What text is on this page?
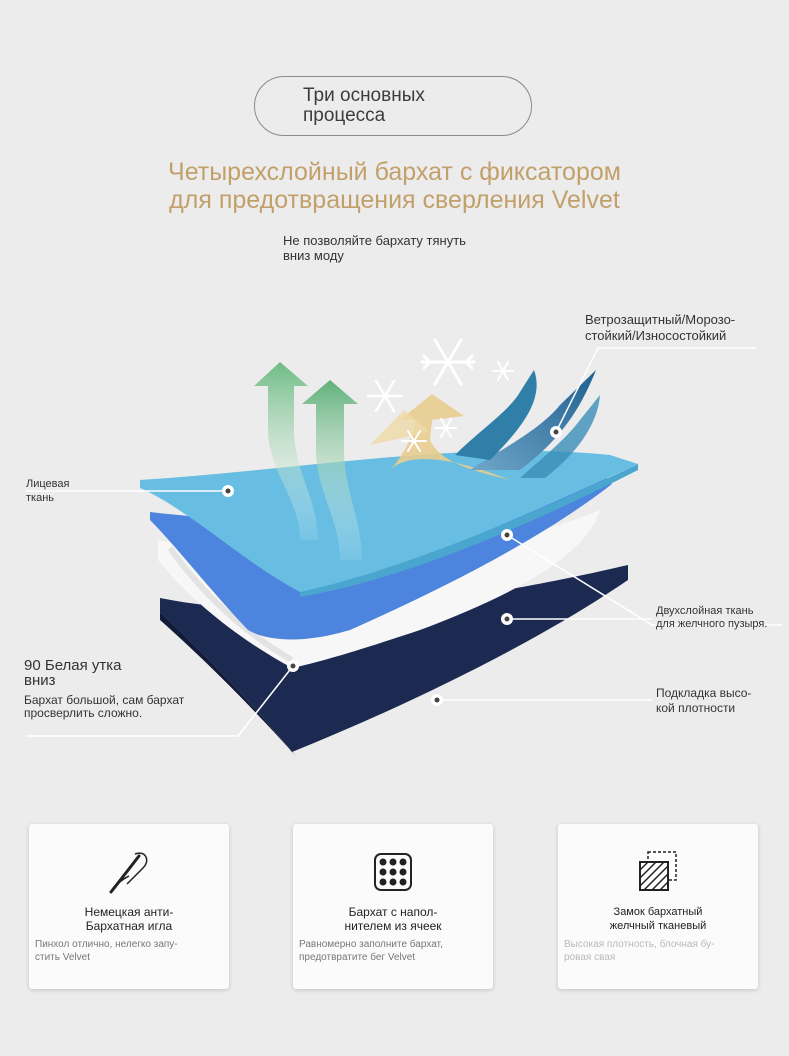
Три основных
процесса
Четырехслойный бархат с фиксатором
для предотвращения сверления Velvet
Не позволяйте бархату тянуть
вниз моду
Ветрозащитный/Морозо-
стойкий/Износостойкий
Лицевая
ткань
Двухслойная ткань
для желчного пузыря.
90 Белая утка
вниз
Бархат большой, сам бархат
просверлить сложно.
Подкладка высо-
кой плотности
Немецкая анти-
Бархатная игла
Пинхол отлично, нелегко запу-
стить Velvet
Бархат с напол-
нителем из ячеек
Равномерно заполните бархат,
предотвратите бег Velvet
Замок бархатный
желчный тканевый
Высокая плотность, блочная бу-
ровая свая
